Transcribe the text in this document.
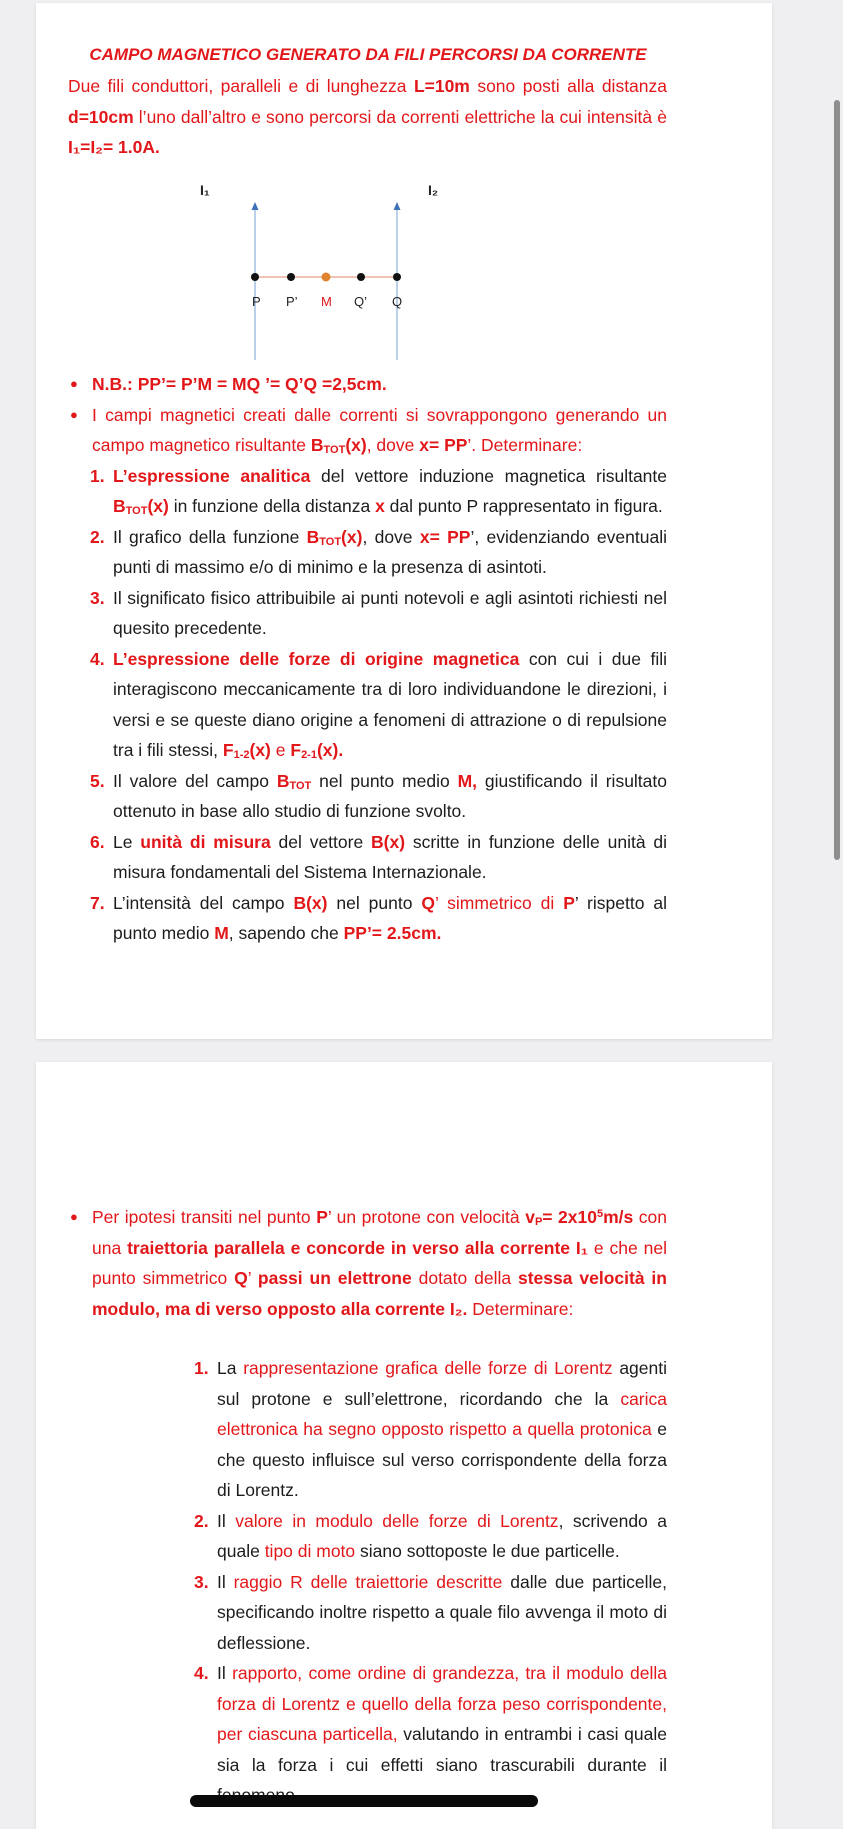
CAMPO MAGNETICO GENERATO DA FILI PERCORSI DA CORRENTE
Due fili conduttori, paralleli e di lunghezza L=10m sono posti alla distanza d=10cm l’uno dall’altro e sono percorsi da correnti elettriche la cui intensità è I₁=I₂= 1.0A.
I₁	I₂
P P’ M Q’ Q
● N.B.: PP’= P’M = MQ ’= Q’Q =2,5cm.
● I campi magnetici creati dalle correnti si sovrappongono generando un campo magnetico risultante $B_{TOT}(x)$, dove x= PP’. Determinare:
1. L’espressione analitica del vettore induzione magnetica risultante $B_{TOT}(x)$ in funzione della distanza x dal punto P rappresentato in figura.
2. Il grafico della funzione $B_{TOT}(x)$, dove x= PP’, evidenziando eventuali punti di massimo e/o di minimo e la presenza di asintoti.
3. Il significato fisico attribuibile ai punti notevoli e agli asintoti richiesti nel quesito precedente.
4. L’espressione delle forze di origine magnetica con cui i due fili interagiscono meccanicamente tra di loro individuandone le direzioni, i versi e se queste diano origine a fenomeni di attrazione o di repulsione tra i fili stessi, $F_{1-2}(x)$ e $F_{2-1}(x)$.
5. Il valore del campo $B_{TOT}$ nel punto medio M, giustificando il risultato ottenuto in base allo studio di funzione svolto.
6. Le unità di misura del vettore B(x) scritte in funzione delle unità di misura fondamentali del Sistema Internazionale.
7. L’intensità del campo B(x) nel punto Q’ simmetrico di P’ rispetto al punto medio M, sapendo che PP’= 2.5cm.
● Per ipotesi transiti nel punto P’ un protone con velocità $v_P= 2x10^5m/s$ con una traiettoria parallela e concorde in verso alla corrente I₁ e che nel punto simmetrico Q’ passi un elettrone dotato della stessa velocità in modulo, ma di verso opposto alla corrente I₂. Determinare:
1. La rappresentazione grafica delle forze di Lorentz agenti sul protone e sull’elettrone, ricordando che la carica elettronica ha segno opposto rispetto a quella protonica e che questo influisce sul verso corrispondente della forza di Lorentz.
2. Il valore in modulo delle forze di Lorentz, scrivendo a quale tipo di moto siano sottoposte le due particelle.
3. Il raggio R delle traiettorie descritte dalle due particelle, specificando inoltre rispetto a quale filo avvenga il moto di deflessione.
4. Il rapporto, come ordine di grandezza, tra il modulo della forza di Lorentz e quello della forza peso corrispondente, per ciascuna particella, valutando in entrambi i casi quale sia la forza i cui effetti siano trascurabili durante il
